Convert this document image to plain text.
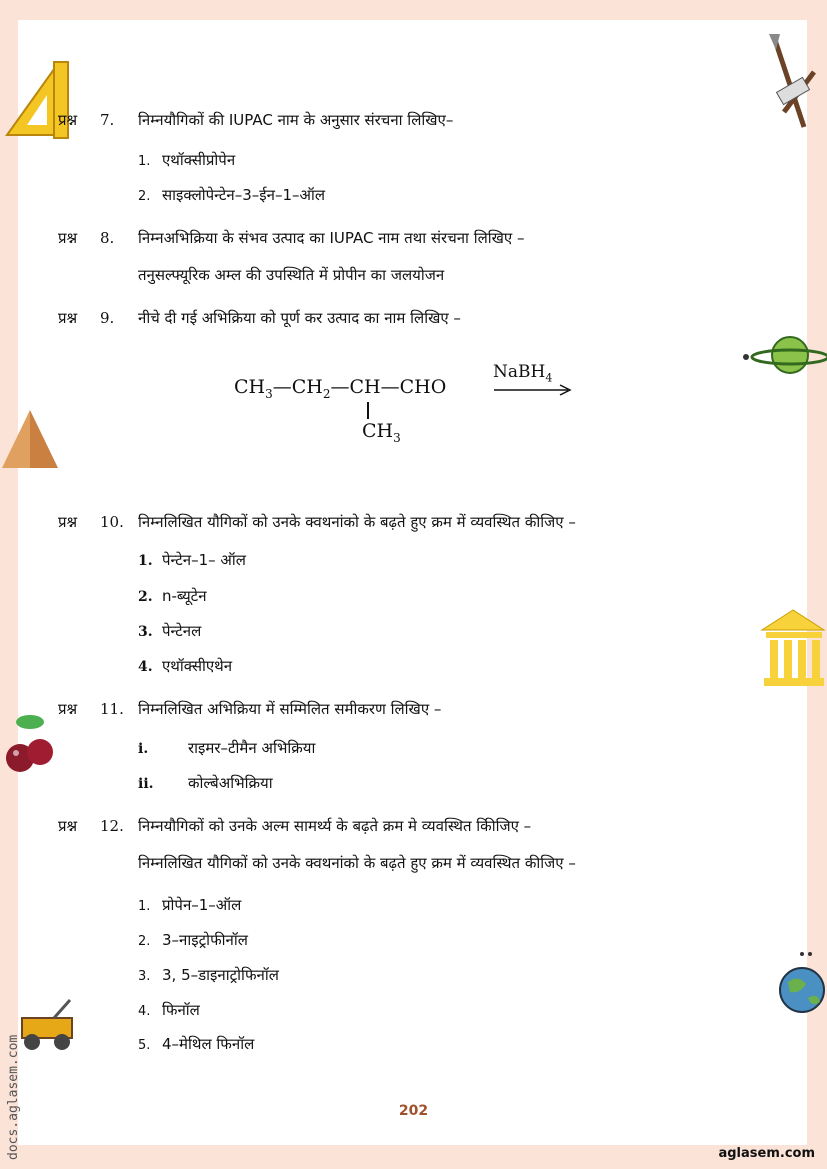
प्रश्न 7. निम्नयौगिकों की IUPAC नाम के अनुसार संरचना लिखिए–
1. एथॉक्सीप्रोपेन
2. साइक्लोपेन्टेन–3–ईन–1–ऑल
प्रश्न 8. निम्नअभिक्रिया के संभव उत्पाद का IUPAC नाम तथा संरचना लिखिए –
तनुसल्फ्यूरिक अम्ल की उपस्थिति में प्रोपीन का जलयोजन
प्रश्न 9. नीचे दी गई अभिक्रिया को पूर्ण कर उत्पाद का नाम लिखिए –
$CH_3—CH_2—CH—CHO$
NaBH$_4$
$CH_3$
प्रश्न 10. निम्नलिखित यौगिकों को उनके क्वथनांको के बढ़ते हुए क्रम में व्यवस्थित कीजिए –
1. पेन्टेन–1– ऑल
2. n-ब्यूटेन
3. पेन्टेनल
4. एथॉक्सीएथेन
प्रश्न 11. निम्नलिखित अभिक्रिया में सम्मिलित समीकरण लिखिए –
i.	राइमर–टीमैन अभिक्रिया
ii. कोल्बेअभिक्रिया
प्रश्न 12. निम्नयौगिकों को उनके अल्म सामर्थ्य के बढ़ते क्रम मे व्यवस्थित किीजिए –
निम्नलिखित यौगिकों को उनके क्वथनांको के बढ़ते हुए क्रम में व्यवस्थित कीजिए –
1. प्रोपेन–1–ऑल
2. 3–नाइट्रोफीनॉल
3. 3, 5–डाइनाट्रोफिनॉल
4. फिनॉल
5. 4–मेथिल फिनॉल
202
aglasem.com
docs.aglasem.com
